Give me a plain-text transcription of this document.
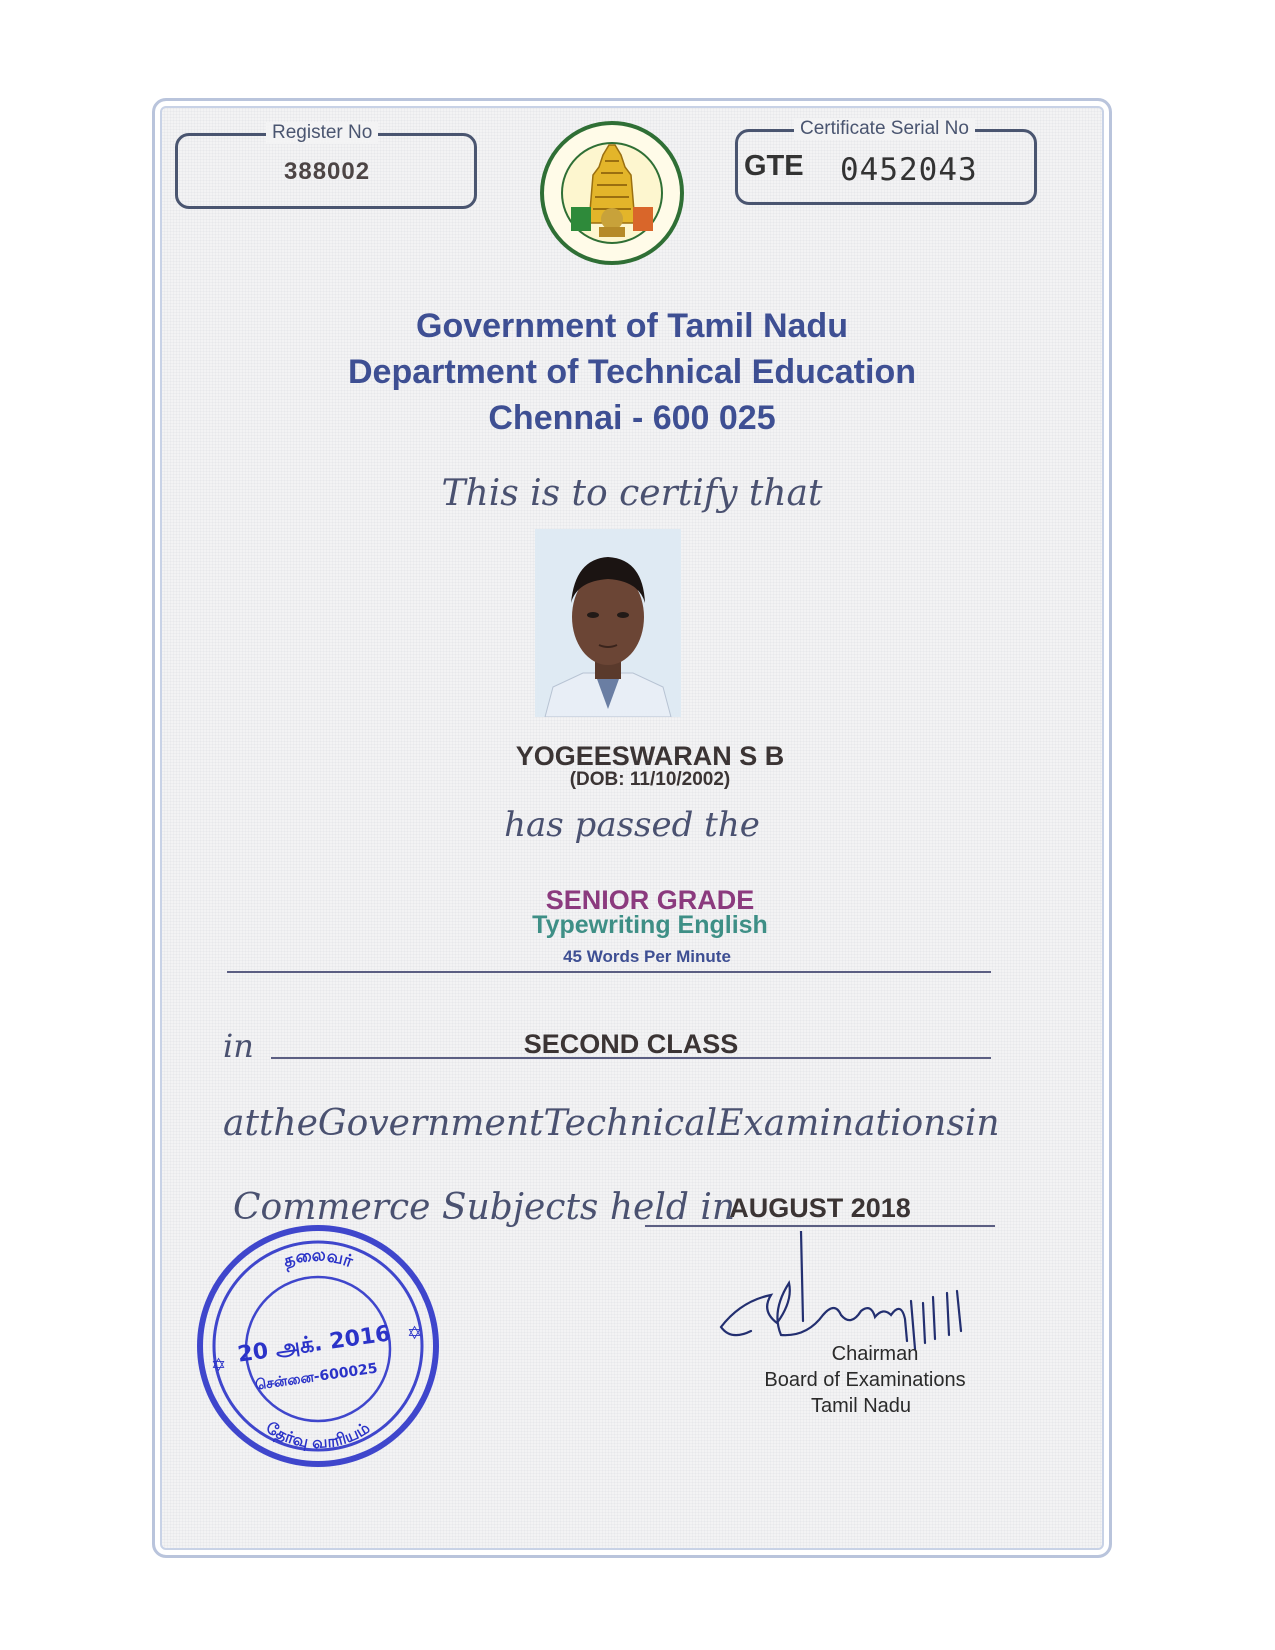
Register No
388002
Certificate Serial No
GTE 0452043
Government of Tamil Nadu
Department of Technical Education
Chennai - 600 025
This is to certify that
YOGEESWARAN S B
(DOB: 11/10/2002)
has passed the
SENIOR GRADE
Typewriting English
45 Words Per Minute
in	SECOND CLASS
at the Government Technical Examinations in
Commerce Subjects held in
AUGUST 2018
தலைவர்
20 அக். 2016
சென்னை-600025
தேர்வு வாரியம்
✡
✡
Chairman
Board of Examinations
Tamil Nadu
